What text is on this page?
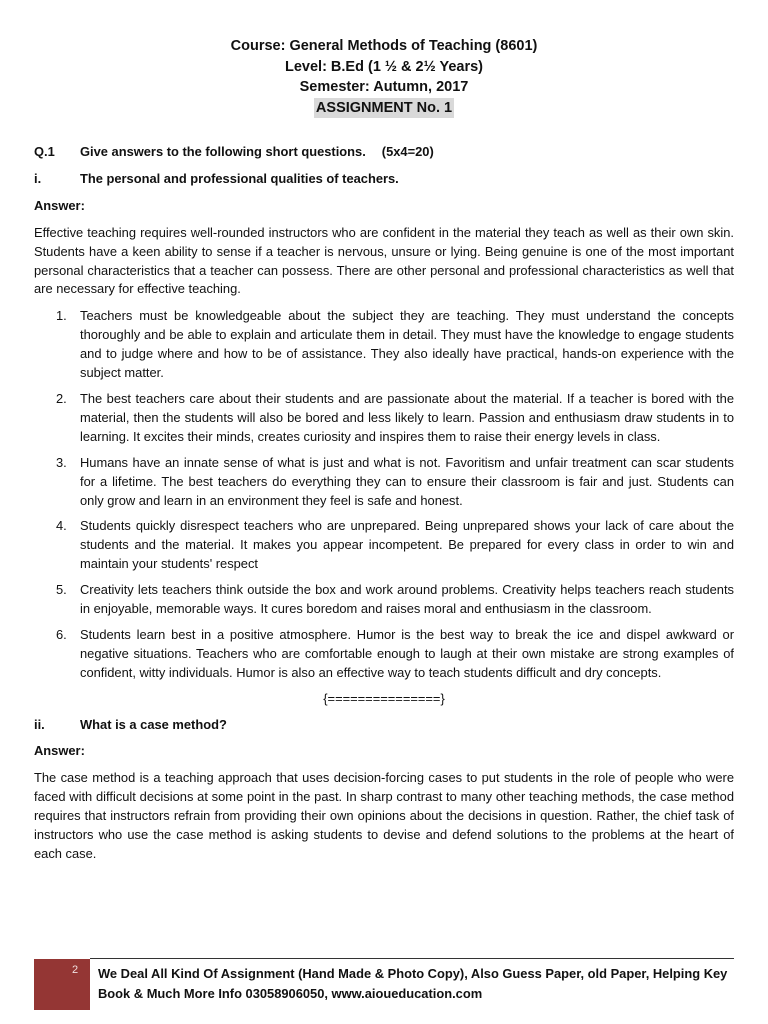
Course: General Methods of Teaching (8601)
Level: B.Ed (1 ½ & 2½ Years)
Semester: Autumn, 2017
ASSIGNMENT No. 1
Q.1	Give answers to the following short questions. (5x4=20)
i.	The personal and professional qualities of teachers.
Answer:
Effective teaching requires well-rounded instructors who are confident in the material they teach as well as their own skin. Students have a keen ability to sense if a teacher is nervous, unsure or lying. Being genuine is one of the most important personal characteristics that a teacher can possess. There are other personal and professional characteristics as well that are necessary for effective teaching.
1.	Teachers must be knowledgeable about the subject they are teaching. They must understand the concepts thoroughly and be able to explain and articulate them in detail. They must have the knowledge to engage students and to judge where and how to be of assistance. They also ideally have practical, hands-on experience with the subject matter.
2.	The best teachers care about their students and are passionate about the material. If a teacher is bored with the material, then the students will also be bored and less likely to learn. Passion and enthusiasm draw students in to learning. It excites their minds, creates curiosity and inspires them to raise their energy levels in class.
3.	Humans have an innate sense of what is just and what is not. Favoritism and unfair treatment can scar students for a lifetime. The best teachers do everything they can to ensure their classroom is fair and just. Students can only grow and learn in an environment they feel is safe and honest.
4.	Students quickly disrespect teachers who are unprepared. Being unprepared shows your lack of care about the students and the material. It makes you appear incompetent. Be prepared for every class in order to win and maintain your students' respect
5.	Creativity lets teachers think outside the box and work around problems. Creativity helps teachers reach students in enjoyable, memorable ways. It cures boredom and raises moral and enthusiasm in the classroom.
6.	Students learn best in a positive atmosphere. Humor is the best way to break the ice and dispel awkward or negative situations. Teachers who are comfortable enough to laugh at their own mistake are strong examples of confident, witty individuals. Humor is also an effective way to teach students difficult and dry concepts.
{===============}
ii.	What is a case method?
Answer:
The case method is a teaching approach that uses decision-forcing cases to put students in the role of people who were faced with difficult decisions at some point in the past. In sharp contrast to many other teaching methods, the case method requires that instructors refrain from providing their own opinions about the decisions in question. Rather, the chief task of instructors who use the case method is asking students to devise and defend solutions to the problems at the heart of each case.
2 We Deal All Kind Of Assignment (Hand Made & Photo Copy), Also Guess Paper, old Paper, Helping Key Book & Much More Info 03058906050, www.aioueducation.com
